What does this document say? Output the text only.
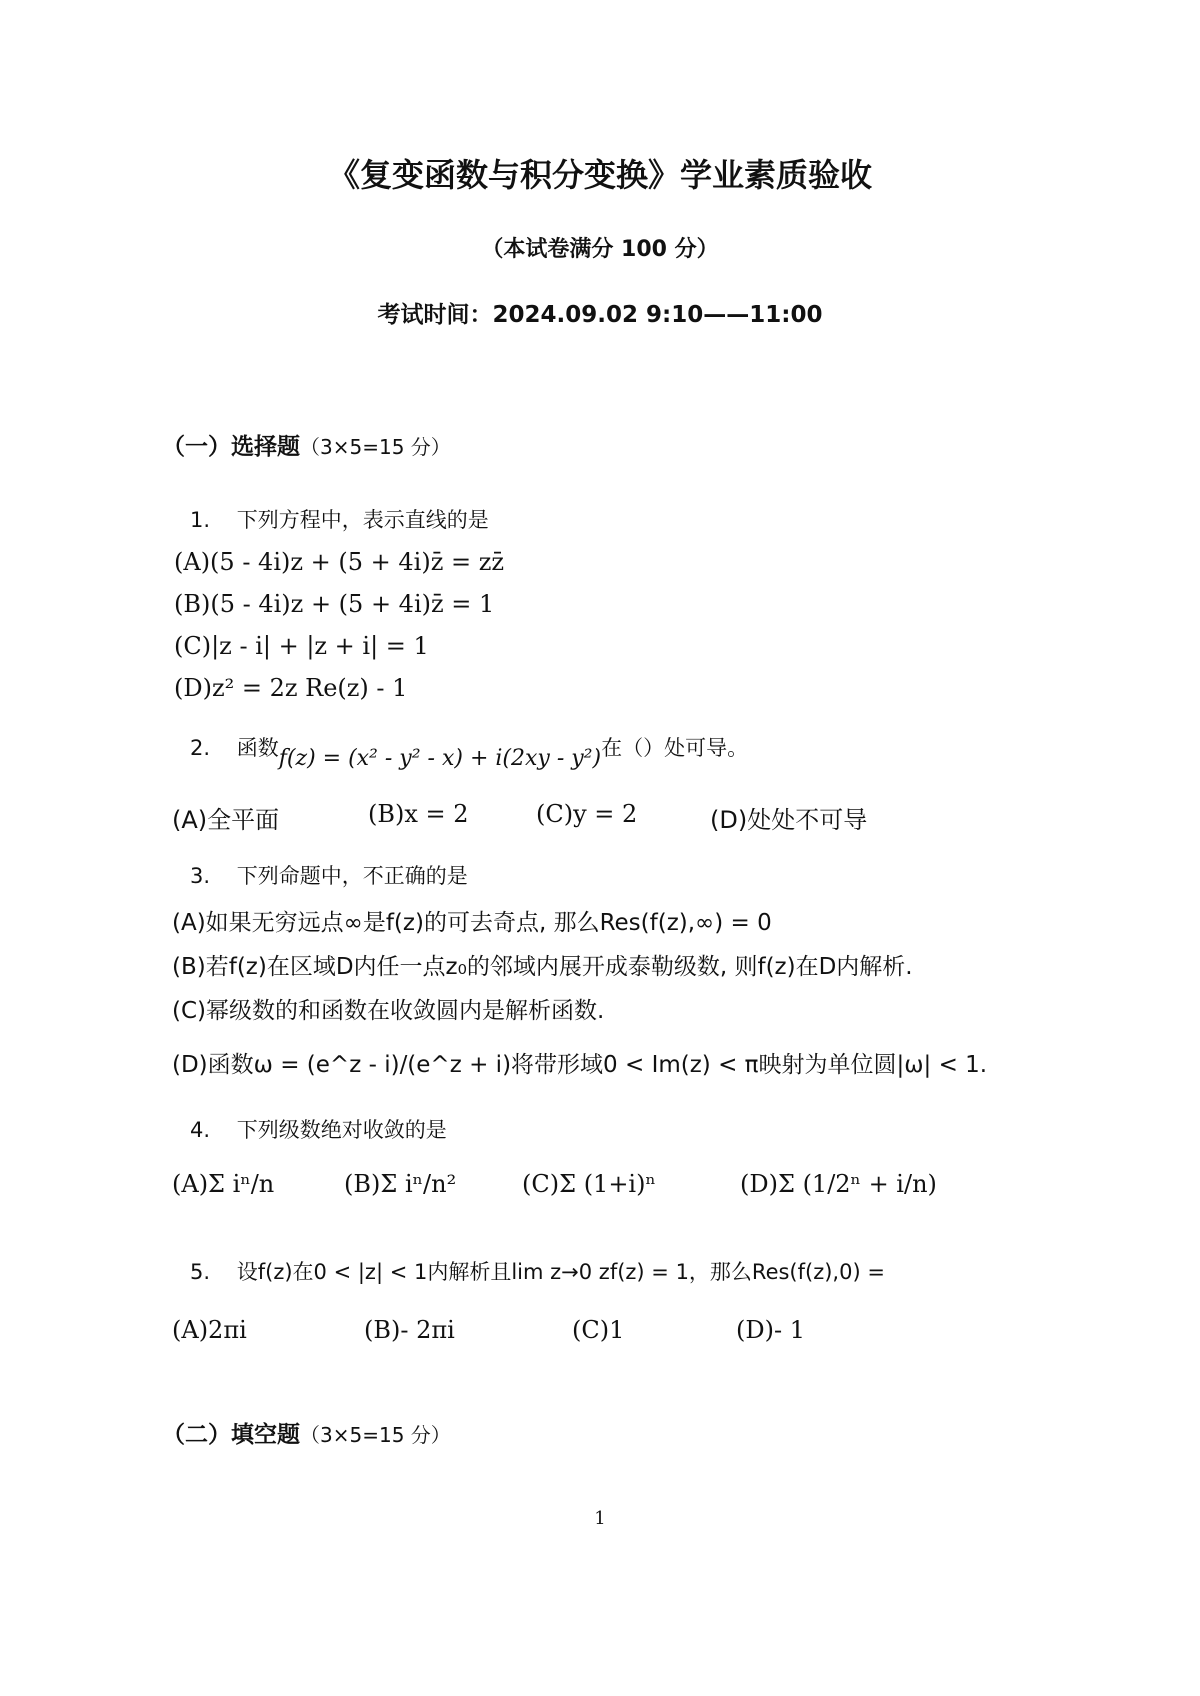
《复变函数与积分变换》学业素质验收
（本试卷满分 100 分）
考试时间：2024.09.02 9:10——11:00
（一）选择题（3×5=15 分）
1. 下列方程中，表示直线的是
(A)(5 - 4i)z + (5 + 4i)z̄ = zz̄
(B)(5 - 4i)z + (5 + 4i)z̄ = 1
(C)|z - i| + |z + i| = 1
(D)z² = 2z Re(z) - 1
2. 函数f(z) = (x² - y² - x) + i(2xy - y²)在（）处可导。
(A)全平面	(B)x = 2	(C)y = 2	(D)处处不可导
3. 下列命题中，不正确的是
(A)如果无穷远点∞是f(z)的可去奇点, 那么Res(f(z),∞) = 0
(B)若f(z)在区域D内任一点z₀的邻域内展开成泰勒级数, 则f(z)在D内解析.
(C)幂级数的和函数在收敛圆内是解析函数.
(D)函数ω = (e^z - i)/(e^z + i)将带形域0 < Im(z) < π映射为单位圆|ω| < 1.
4. 下列级数绝对收敛的是
(A)Σ iⁿ/n	(B)Σ iⁿ/n²	(C)Σ (1+i)ⁿ	(D)Σ (1/2ⁿ + i/n)
5. 设f(z)在0 < |z| < 1内解析且lim z→0 zf(z) = 1，那么Res(f(z),0) =
(A)2πi	(B)- 2πi	(C)1	(D)- 1
（二）填空题（3×5=15 分）
1
